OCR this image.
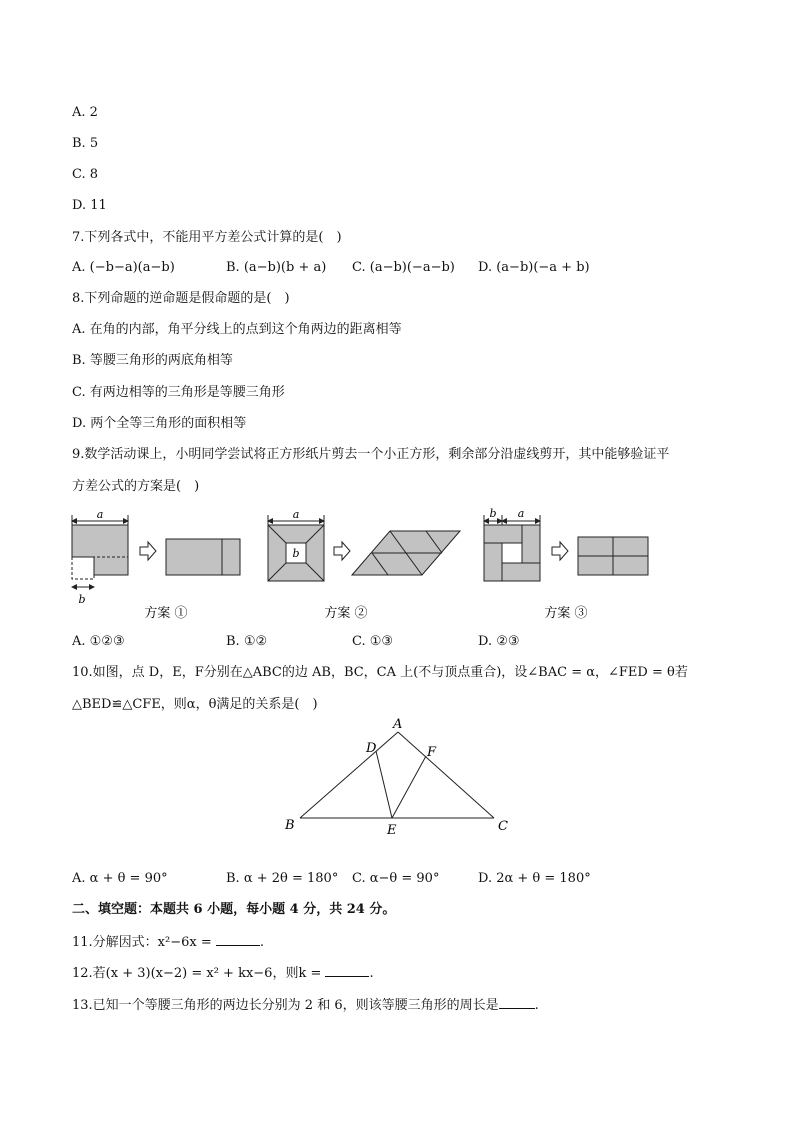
A. 2
B. 5
C. 8
D. 11
7.下列各式中，不能用平方差公式计算的是(　)
A. (−b−a)(a−b)	B. (a−b)(b + a) C. (a−b)(−a−b) D. (a−b)(−a + b)
8.下列命题的逆命题是假命题的是(　)
A. 在角的内部，角平分线上的点到这个角两边的距离相等
B. 等腰三角形的两底角相等
C. 有两边相等的三角形是等腰三角形
D. 两个全等三角形的面积相等
9.数学活动课上，小明同学尝试将正方形纸片剪去一个小正方形，剩余部分沿虚线剪开，其中能够验证平
方差公式的方案是(　)
a
b
方案 ①
a
b
方案 ②
b a
方案 ③
A. ①②③	B. ①②	C. ①③	D. ②③
10.如图，点 D，E，F分别在△ABC的边 AB，BC，CA 上(不与顶点重合)，设∠BAC = α，∠FED = θ若
△BED≌△CFE，则α，θ满足的关系是(　)
A
B	C
D
E
F
A. α + θ = 90°	B. α + 2θ = 180° C. α−θ = 90°	D. 2α + θ = 180°
二、填空题：本题共 6 小题，每小题 4 分，共 24 分。
11.分解因式：x²−6x =	.
12.若(x + 3)(x−2) = x² + kx−6，则k =	.
13.已知一个等腰三角形的两边长分别为 2 和 6，则该等腰三角形的周长是	.
